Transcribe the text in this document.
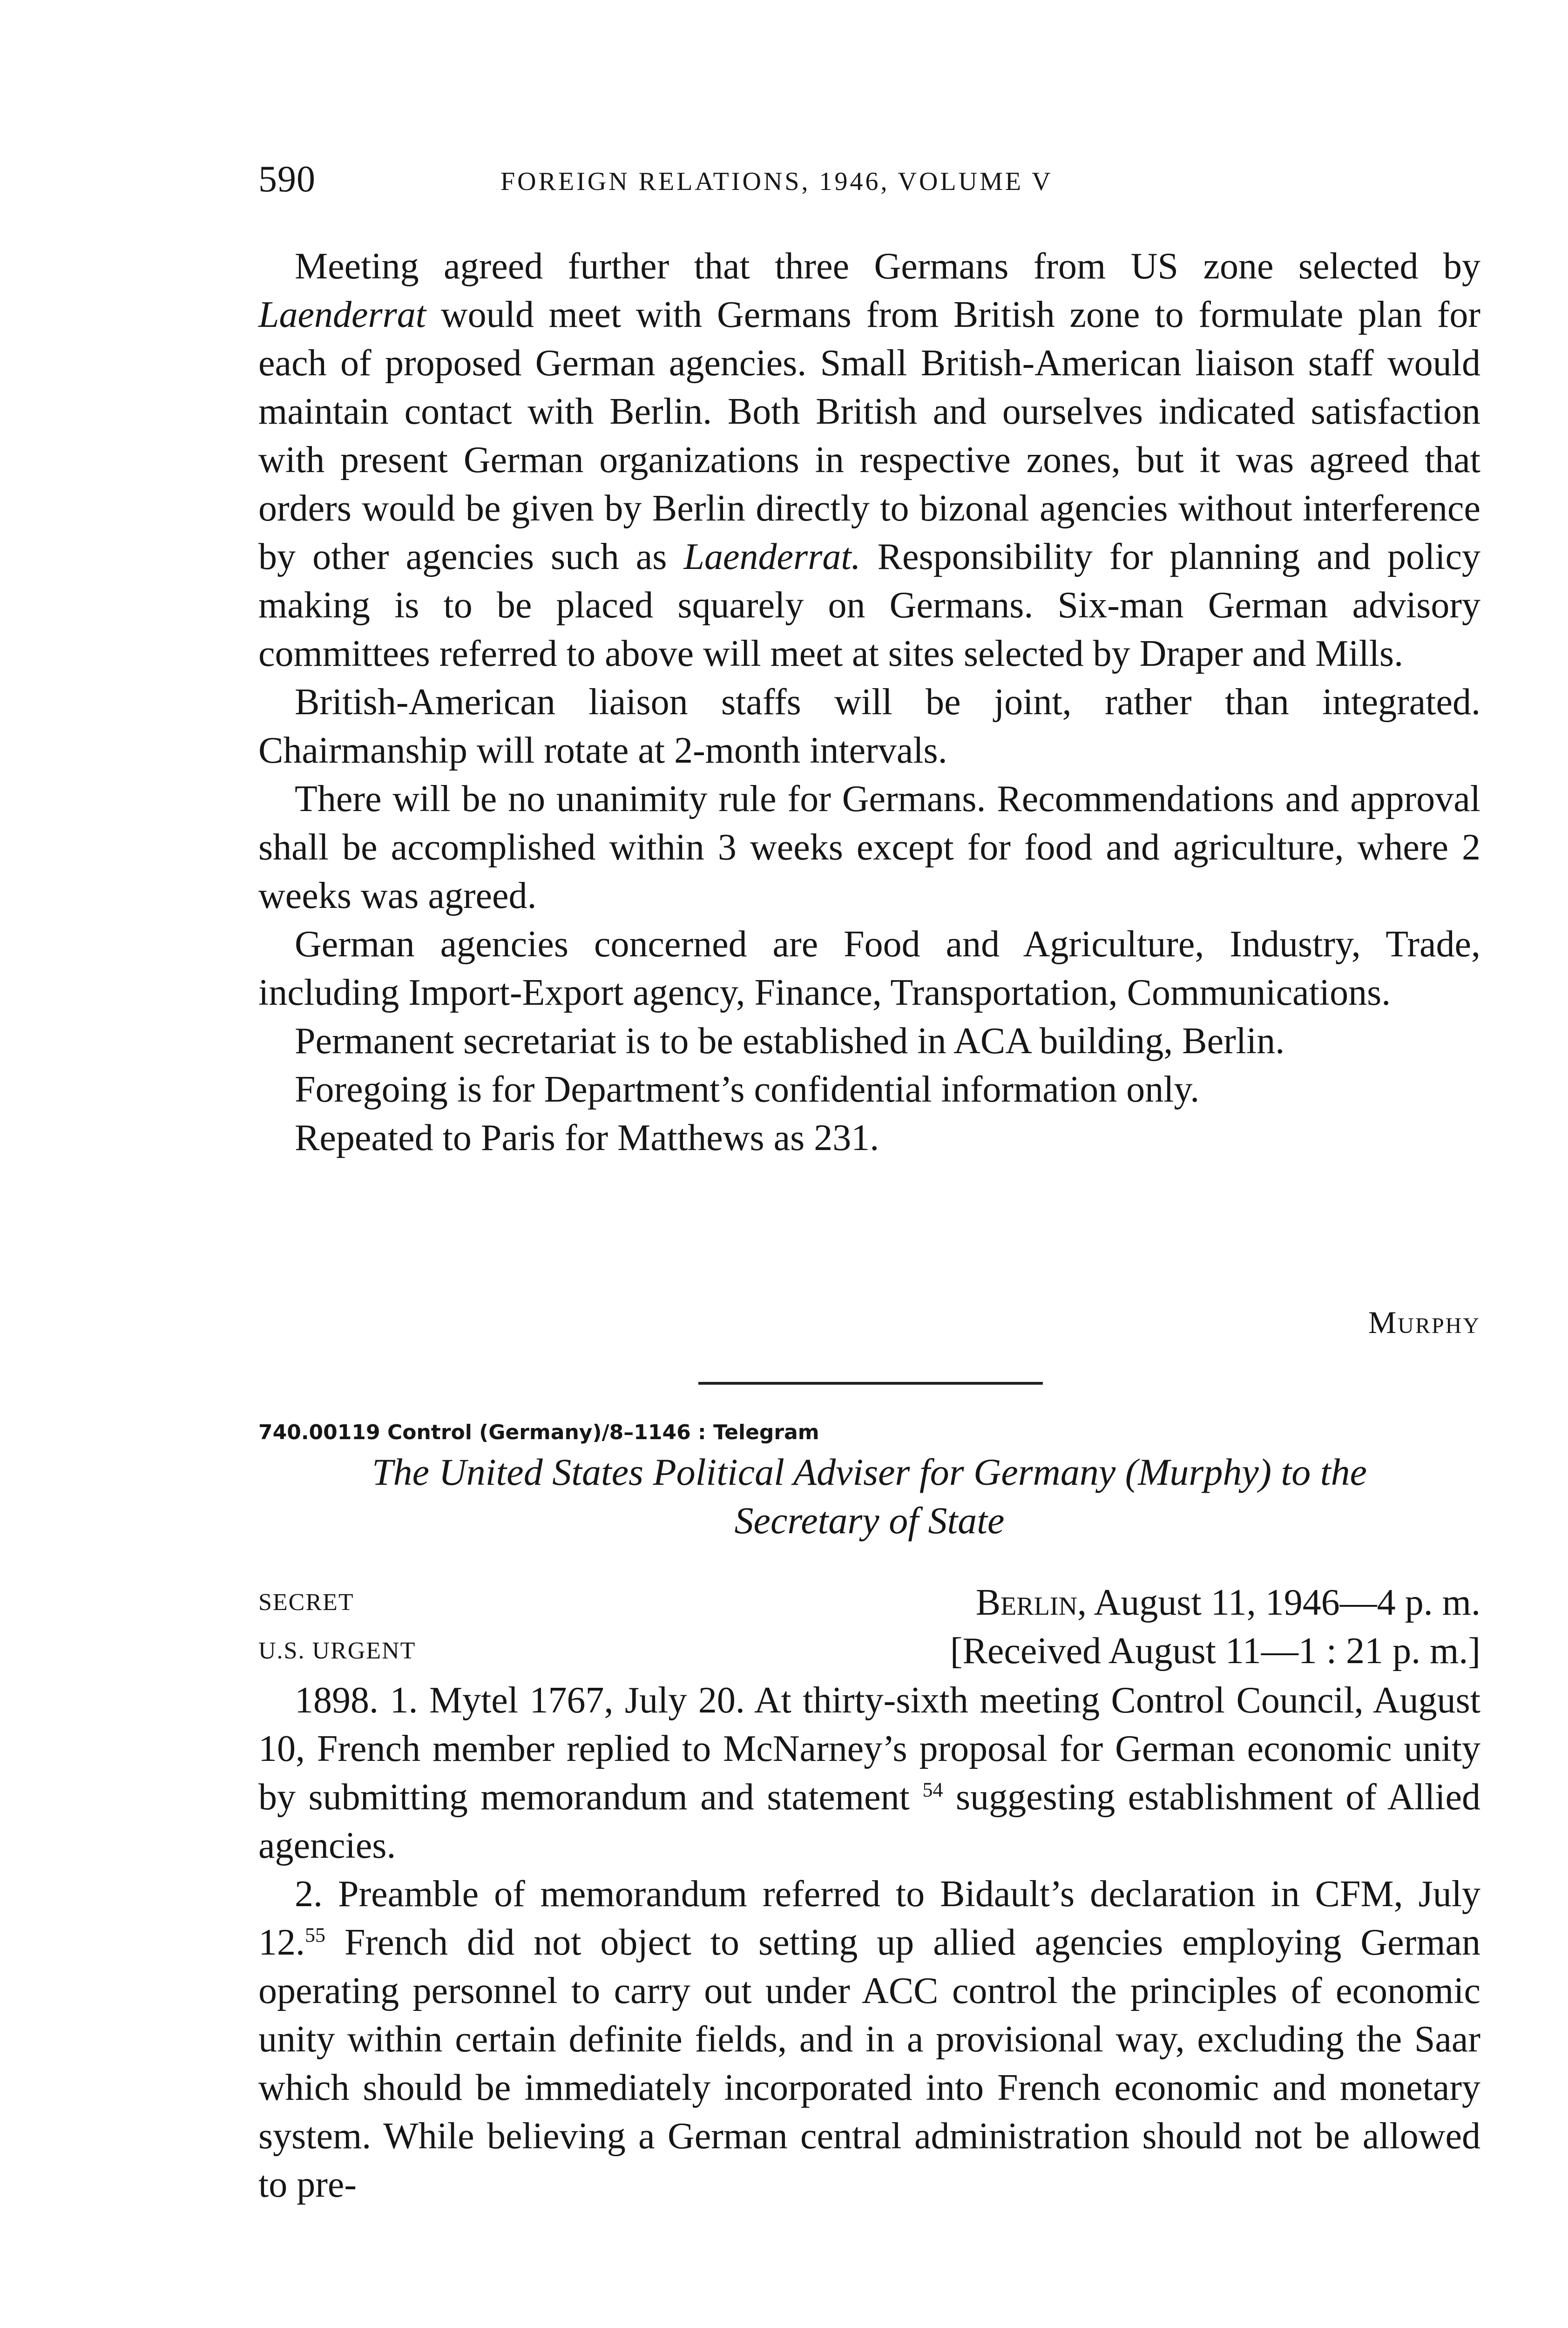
590	FOREIGN RELATIONS, 1946, VOLUME V

Meeting agreed further that three Germans from US zone selected by Laenderrat would meet with Germans from British zone to formulate plan for each of proposed German agencies. Small British-American liaison staff would maintain contact with Berlin. Both British and ourselves indicated satisfaction with present German organizations in respective zones, but it was agreed that orders would be given by Berlin directly to bizonal agencies without interference by other agencies such as Laenderrat. Responsibility for planning and policy making is to be placed squarely on Germans. Six-man German advisory committees referred to above will meet at sites selected by Draper and Mills.

British-American liaison staffs will be joint, rather than integrated. Chairmanship will rotate at 2-month intervals.

There will be no unanimity rule for Germans. Recommendations and approval shall be accomplished within 3 weeks except for food and agriculture, where 2 weeks was agreed.

German agencies concerned are Food and Agriculture, Industry, Trade, including Import-Export agency, Finance, Transportation, Communications.

Permanent secretariat is to be established in ACA building, Berlin.

Foregoing is for Department’s confidential information only.

Repeated to Paris for Matthews as 231.

Murphy
740.00119 Control (Germany)/8–1146 : Telegram
The United States Political Adviser for Germany (Murphy) to the
Secretary of State
SECRET
U.S. URGENT
Berlin, August 11, 1946—4 p. m.
[Received August 11—1 : 21 p. m.]

1898. 1. Mytel 1767, July 20. At thirty-sixth meeting Control Council, August 10, French member replied to McNarney’s proposal for German economic unity by submitting memorandum and statement $^{54}$ suggesting establishment of Allied agencies.

2. Preamble of memorandum referred to Bidault’s declaration in CFM, July 12.55 French did not object to setting up allied agencies employing German operating personnel to carry out under ACC control the principles of economic unity within certain definite fields, and in a provisional way, excluding the Saar which should be immediately incorporated into French economic and monetary system. While believing a German central administration should not be allowed to pre-
